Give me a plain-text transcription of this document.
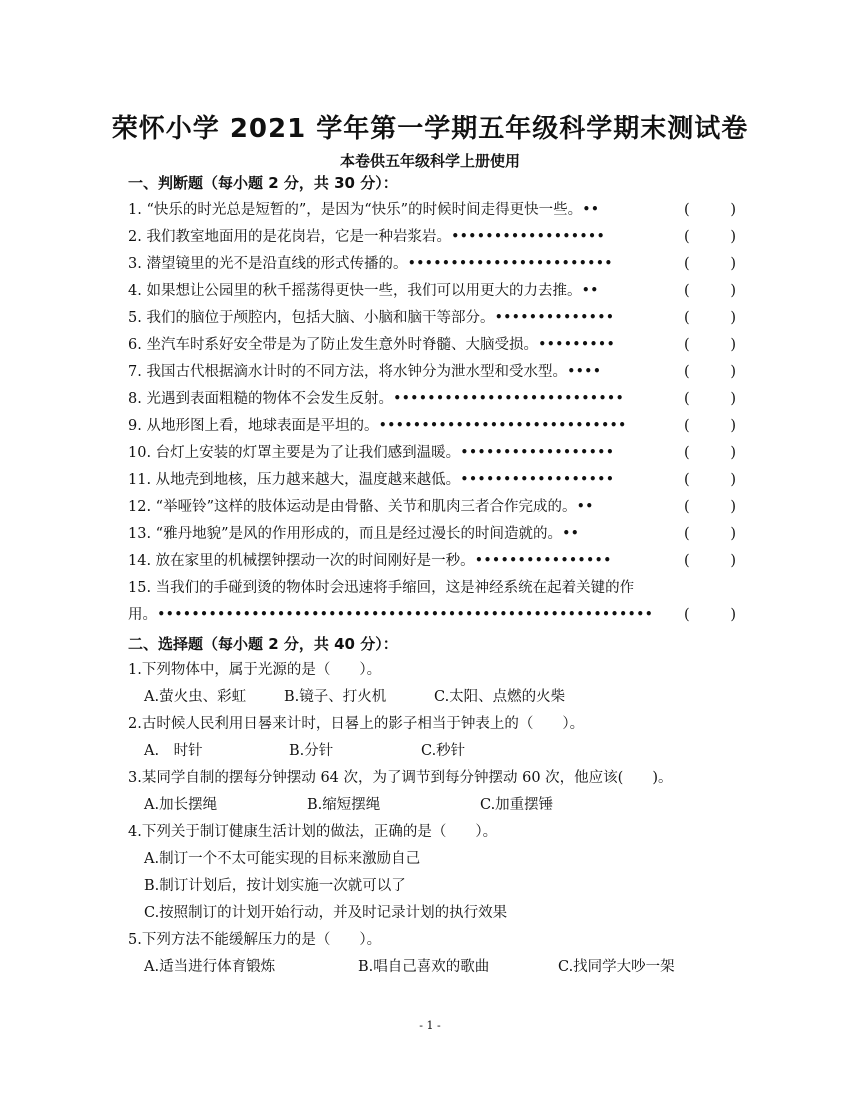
荣怀小学 2021 学年第一学期五年级科学期末测试卷
本卷供五年级科学上册使用
一、判断题（每小题 2 分，共 30 分）：
1. “快乐的时光总是短暂的”，是因为“快乐”的时候时间走得更快一些。••	(	)
2. 我们教室地面用的是花岗岩，它是一种岩浆岩。••••••••••••••••••	(	)
3. 潜望镜里的光不是沿直线的形式传播的。••••••••••••••••••••••••	(	)
4. 如果想让公园里的秋千摇荡得更快一些，我们可以用更大的力去推。••	(	)
5. 我们的脑位于颅腔内，包括大脑、小脑和脑干等部分。••••••••••••••	(	)
6. 坐汽车时系好安全带是为了防止发生意外时脊髓、大脑受损。•••••••••	(	)
7. 我国古代根据滴水计时的不同方法，将水钟分为泄水型和受水型。••••	(	)
8. 光遇到表面粗糙的物体不会发生反射。•••••••••••••••••••••••••••	(	)
9. 从地形图上看，地球表面是平坦的。•••••••••••••••••••••••••••••	(	)
10. 台灯上安装的灯罩主要是为了让我们感到温暖。••••••••••••••••••	(	)
11. 从地壳到地核，压力越来越大，温度越来越低。••••••••••••••••••	(	)
12. “举哑铃”这样的肢体运动是由骨骼、关节和肌肉三者合作完成的。••	(	)
13. “雅丹地貌”是风的作用形成的，而且是经过漫长的时间造就的。••	(	)
14. 放在家里的机械摆钟摆动一次的时间刚好是一秒。••••••••••••••••	(	)
15. 当我们的手碰到烫的物体时会迅速将手缩回，这是神经系统在起着关键的作
用。•••••••••••••••••••••••••••••••••••••••••••••••••••••••••• (	)
二、选择题（每小题 2 分，共 40 分）：
1.下列物体中，属于光源的是（　　）。
A.萤火虫、彩虹	B.镜子、打火机	C.太阳、点燃的火柴
2.古时候人民利用日晷来计时，日晷上的影子相当于钟表上的（　　）。
A.　时针	B.分针	C.秒针
3.某同学自制的摆每分钟摆动 64 次，为了调节到每分钟摆动 60 次，他应该(　　)。
A.加长摆绳	B.缩短摆绳	C.加重摆锤
4.下列关于制订健康生活计划的做法，正确的是（　　）。
A.制订一个不太可能实现的目标来激励自己
B.制订计划后，按计划实施一次就可以了
C.按照制订的计划开始行动，并及时记录计划的执行效果
5.下列方法不能缓解压力的是（　　）。
A.适当进行体育锻炼	B.唱自己喜欢的歌曲	C.找同学大吵一架
- 1 -
